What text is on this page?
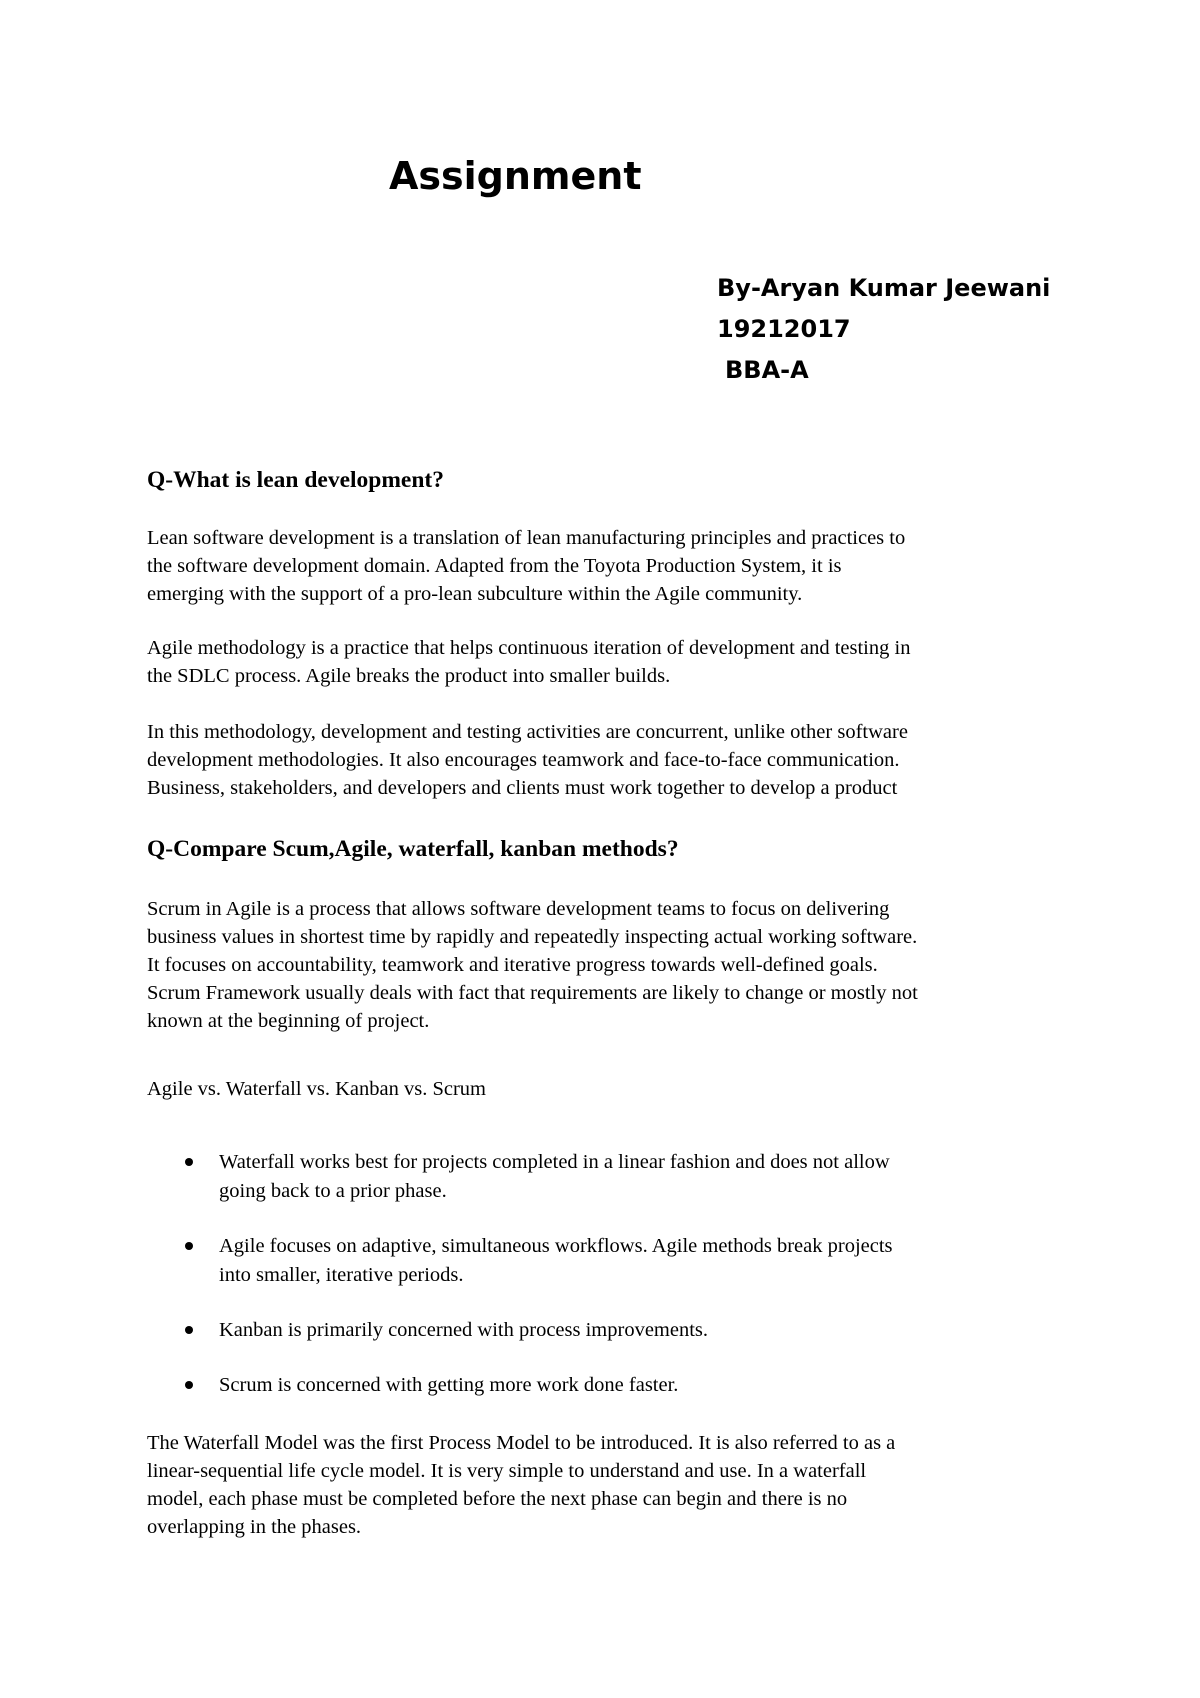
Assignment
By-Aryan Kumar Jeewani
19212017
BBA-A
Q-What is lean development?

Lean software development is a translation of lean manufacturing principles and practices to
the software development domain. Adapted from the Toyota Production System, it is
emerging with the support of a pro-lean subculture within the Agile community.

Agile methodology is a practice that helps continuous iteration of development and testing in
the SDLC process. Agile breaks the product into smaller builds.

In this methodology, development and testing activities are concurrent, unlike other software
development methodologies. It also encourages teamwork and face-to-face communication.
Business, stakeholders, and developers and clients must work together to develop a product

Q-Compare Scum,Agile, waterfall, kanban methods?

Scrum in Agile is a process that allows software development teams to focus on delivering
business values in shortest time by rapidly and repeatedly inspecting actual working software.
It focuses on accountability, teamwork and iterative progress towards well-defined goals.
Scrum Framework usually deals with fact that requirements are likely to change or mostly not
known at the beginning of project.

Agile vs. Waterfall vs. Kanban vs. Scrum

Waterfall works best for projects completed in a linear fashion and does not allow
going back to a prior phase.
Agile focuses on adaptive, simultaneous workflows. Agile methods break projects
into smaller, iterative periods.
Kanban is primarily concerned with process improvements.
Scrum is concerned with getting more work done faster.

The Waterfall Model was the first Process Model to be introduced. It is also referred to as a
linear-sequential life cycle model. It is very simple to understand and use. In a waterfall
model, each phase must be completed before the next phase can begin and there is no
overlapping in the phases.
